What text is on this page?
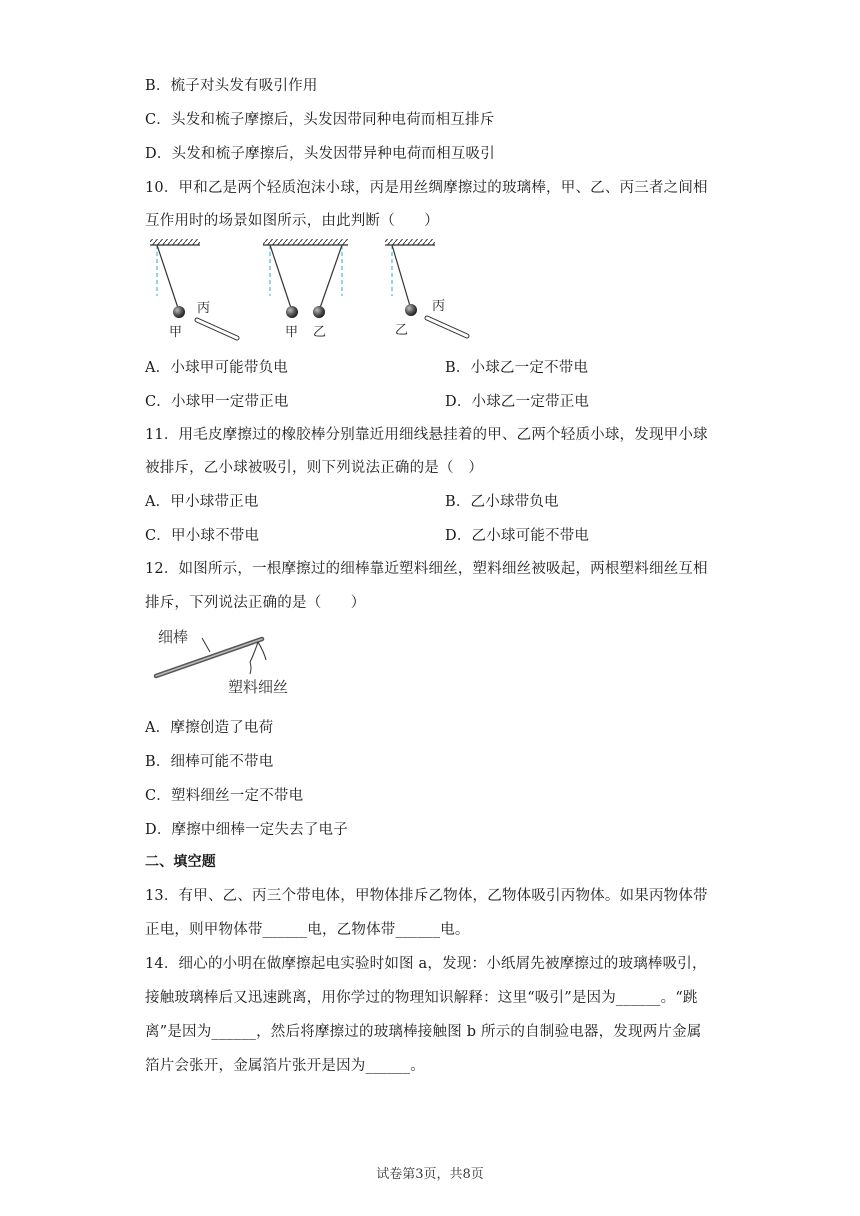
B．梳子对头发有吸引作用
C．头发和梳子摩擦后，头发因带同种电荷而相互排斥
D．头发和梳子摩擦后，头发因带异种电荷而相互吸引
10．甲和乙是两个轻质泡沫小球，丙是用丝绸摩擦过的玻璃棒，甲、乙、丙三者之间相
互作用时的场景如图所示，由此判断（　　）
甲
丙
甲 乙	乙
丙
A．小球甲可能带负电	B．小球乙一定不带电
C．小球甲一定带正电	D．小球乙一定带正电
11．用毛皮摩擦过的橡胶棒分别靠近用细线悬挂着的甲、乙两个轻质小球，发现甲小球
被排斥，乙小球被吸引，则下列说法正确的是（　）
A．甲小球带正电	B．乙小球带负电
C．甲小球不带电	D．乙小球可能不带电
12．如图所示，一根摩擦过的细棒靠近塑料细丝，塑料细丝被吸起，两根塑料细丝互相
排斥，下列说法正确的是（　　）
细棒
塑料细丝
A．摩擦创造了电荷
B．细棒可能不带电
C．塑料细丝一定不带电
D．摩擦中细棒一定失去了电子
二、填空题
13．有甲、乙、丙三个带电体，甲物体排斥乙物体，乙物体吸引丙物体。如果丙物体带
正电，则甲物体带______电，乙物体带______电。
14．细心的小明在做摩擦起电实验时如图 a，发现：小纸屑先被摩擦过的玻璃棒吸引，
接触玻璃棒后又迅速跳离，用你学过的物理知识解释：这里“吸引”是因为______。“跳
离”是因为______，然后将摩擦过的玻璃棒接触图 b 所示的自制验电器，发现两片金属
箔片会张开，金属箔片张开是因为______。
试卷第3页，共8页
